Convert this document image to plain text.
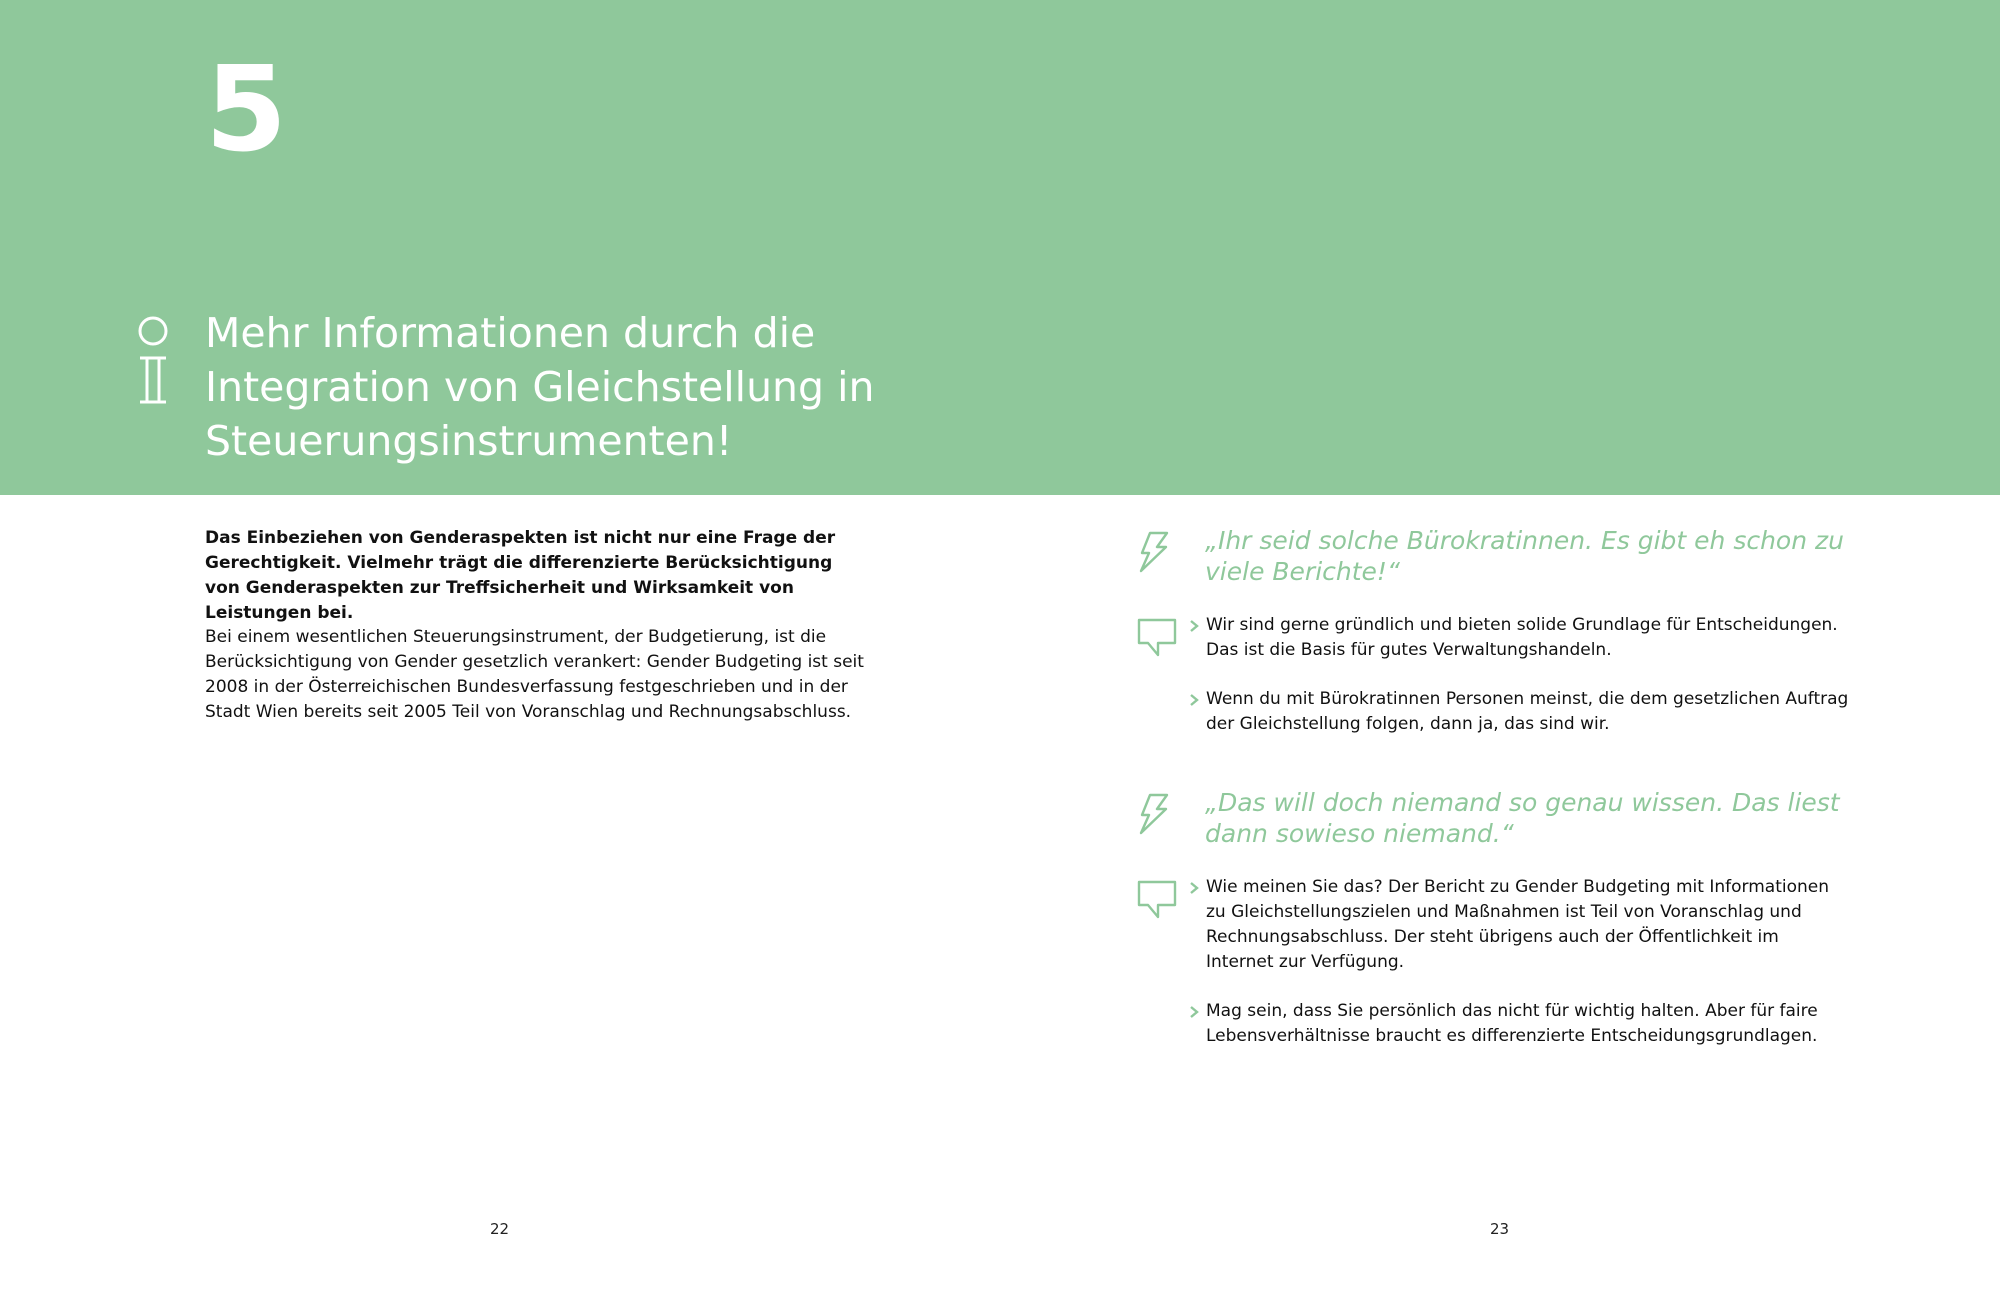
5
Mehr Informationen durch die Integration von Gleichstellung in Steuerungsinstrumenten!

Das Einbeziehen von Genderaspekten ist nicht nur eine Frage der Gerechtigkeit. Vielmehr trägt die differenzierte Berücksichtigung von Genderaspekten zur Treffsicherheit und Wirksamkeit von Leistungen bei.

Bei einem wesentlichen Steuerungsinstrument, der Budgetierung, ist die Berücksichtigung von Gender gesetzlich verankert: Gender Budgeting ist seit 2008 in der Österreichischen Bundesverfassung festgeschrieben und in der Stadt Wien bereits seit 2005 Teil von Voranschlag und Rechnungsabschluss.

22

„Ihr seid solche Bürokratinnen. Es gibt eh schon zu viele Berichte!“

Wir sind gerne gründlich und bieten solide Grundlage für Entscheidungen. Das ist die Basis für gutes Verwaltungshandeln.

Wenn du mit Bürokratinnen Personen meinst, die dem gesetzlichen Auftrag der Gleichstellung folgen, dann ja, das sind wir.

„Das will doch niemand so genau wissen. Das liest dann sowieso niemand.“

Wie meinen Sie das? Der Bericht zu Gender Budgeting mit Informationen zu Gleichstellungszielen und Maßnahmen ist Teil von Voranschlag und Rechnungsabschluss. Der steht übrigens auch der Öffentlichkeit im Internet zur Verfügung.

Mag sein, dass Sie persönlich das nicht für wichtig halten. Aber für faire Lebensverhältnisse braucht es differenzierte Entscheidungsgrundlagen.

23
